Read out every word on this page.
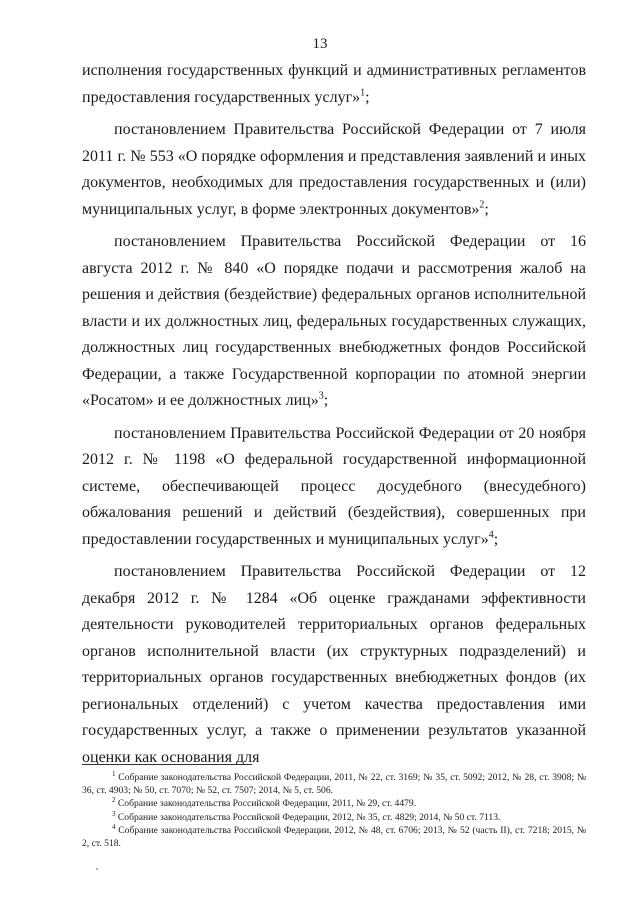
13

исполнения государственных функций и административных регламентов предоставления государственных услуг»$^1$;

постановлением Правительства Российской Федерации от 7 июля 2011 г. № 553 «О порядке оформления и представления заявлений и иных документов, необходимых для предоставления государственных и (или) муниципальных услуг, в форме электронных документов»$^2$;

постановлением Правительства Российской Федерации от 16 августа 2012 г. № 840 «О порядке подачи и рассмотрения жалоб на решения и действия (бездействие) федеральных органов исполнительной власти и их должностных лиц, федеральных государственных служащих, должностных лиц государственных внебюджетных фондов Российской Федерации, а также Государственной корпорации по атомной энергии «Росатом» и ее должностных лиц»$^3$;

постановлением Правительства Российской Федерации от 20 ноября 2012 г. № 1198 «О федеральной государственной информационной системе, обеспечивающей процесс досудебного (внесудебного) обжалования решений и действий (бездействия), совершенных при предоставлении государственных и муниципальных услуг»$^4$;

постановлением Правительства Российской Федерации от 12 декабря 2012 г. № 1284 «Об оценке гражданами эффективности деятельности руководителей территориальных органов федеральных органов исполнительной власти (их структурных подразделений) и территориальных органов государственных внебюджетных фондов (их региональных отделений) с учетом качества предоставления ими государственных услуг, а также о применении результатов указанной оценки как основания для

$^1$ Собрание законодательства Российской Федерации, 2011, № 22, ст. 3169; № 35, ст. 5092; 2012, № 28, ст. 3908; № 36, ст. 4903; № 50, ст. 7070; № 52, ст. 7507; 2014, № 5, ст. 506.

$^2$ Собрание законодательства Российской Федерации, 2011, № 29, ст. 4479.

$^3$ Собрание законодательства Российской Федерации, 2012, № 35, ст. 4829; 2014, № 50 ст. 7113.

$^4$ Собрание законодательства Российской Федерации, 2012, № 48, ст. 6706; 2013, № 52 (часть II), ст. 7218; 2015, № 2, ст. 518.
